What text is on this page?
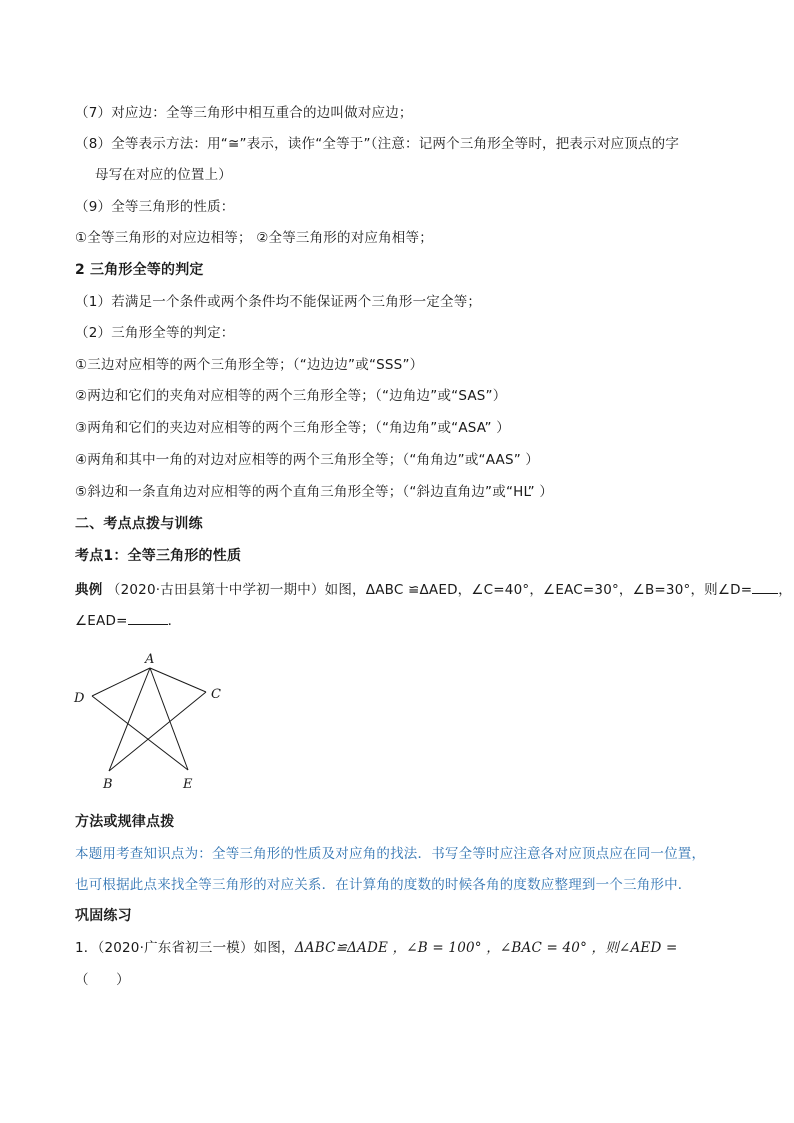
（7）对应边：全等三角形中相互重合的边叫做对应边；
（8）全等表示方法：用“≅”表示，读作“全等于”（注意：记两个三角形全等时，把表示对应顶点的字
母写在对应的位置上）
（9）全等三角形的性质：
①全等三角形的对应边相等； ②全等三角形的对应角相等；
2 三角形全等的判定
（1）若满足一个条件或两个条件均不能保证两个三角形一定全等；
（2）三角形全等的判定：
①三边对应相等的两个三角形全等；（“边边边”或“SSS”）
②两边和它们的夹角对应相等的两个三角形全等；（“边角边”或“SAS”）
③两角和它们的夹边对应相等的两个三角形全等；（“角边角”或“ASA” ）
④两角和其中一角的对边对应相等的两个三角形全等；（“角角边”或“AAS” ）
⑤斜边和一条直角边对应相等的两个直角三角形全等；（“斜边直角边”或“HL” ）
二、考点点拨与训练
考点1：全等三角形的性质
典例 （2020·古田县第十中学初一期中）如图，ΔABC ≌ΔAED，∠C=40°，∠EAC=30°，∠B=30°，则∠D= ，
∠EAD=	．
A
D	C
B	E
方法或规律点拨
本题用考查知识点为：全等三角形的性质及对应角的找法．书写全等时应注意各对应顶点应在同一位置，
也可根据此点来找全等三角形的对应关系．在计算角的度数的时候各角的度数应整理到一个三角形中．
巩固练习
1．（2020·广东省初三一模）如图，ΔABC≌ΔADE ，∠B = 100° ，∠BAC = 40° ，则∠AED =
（　　）
